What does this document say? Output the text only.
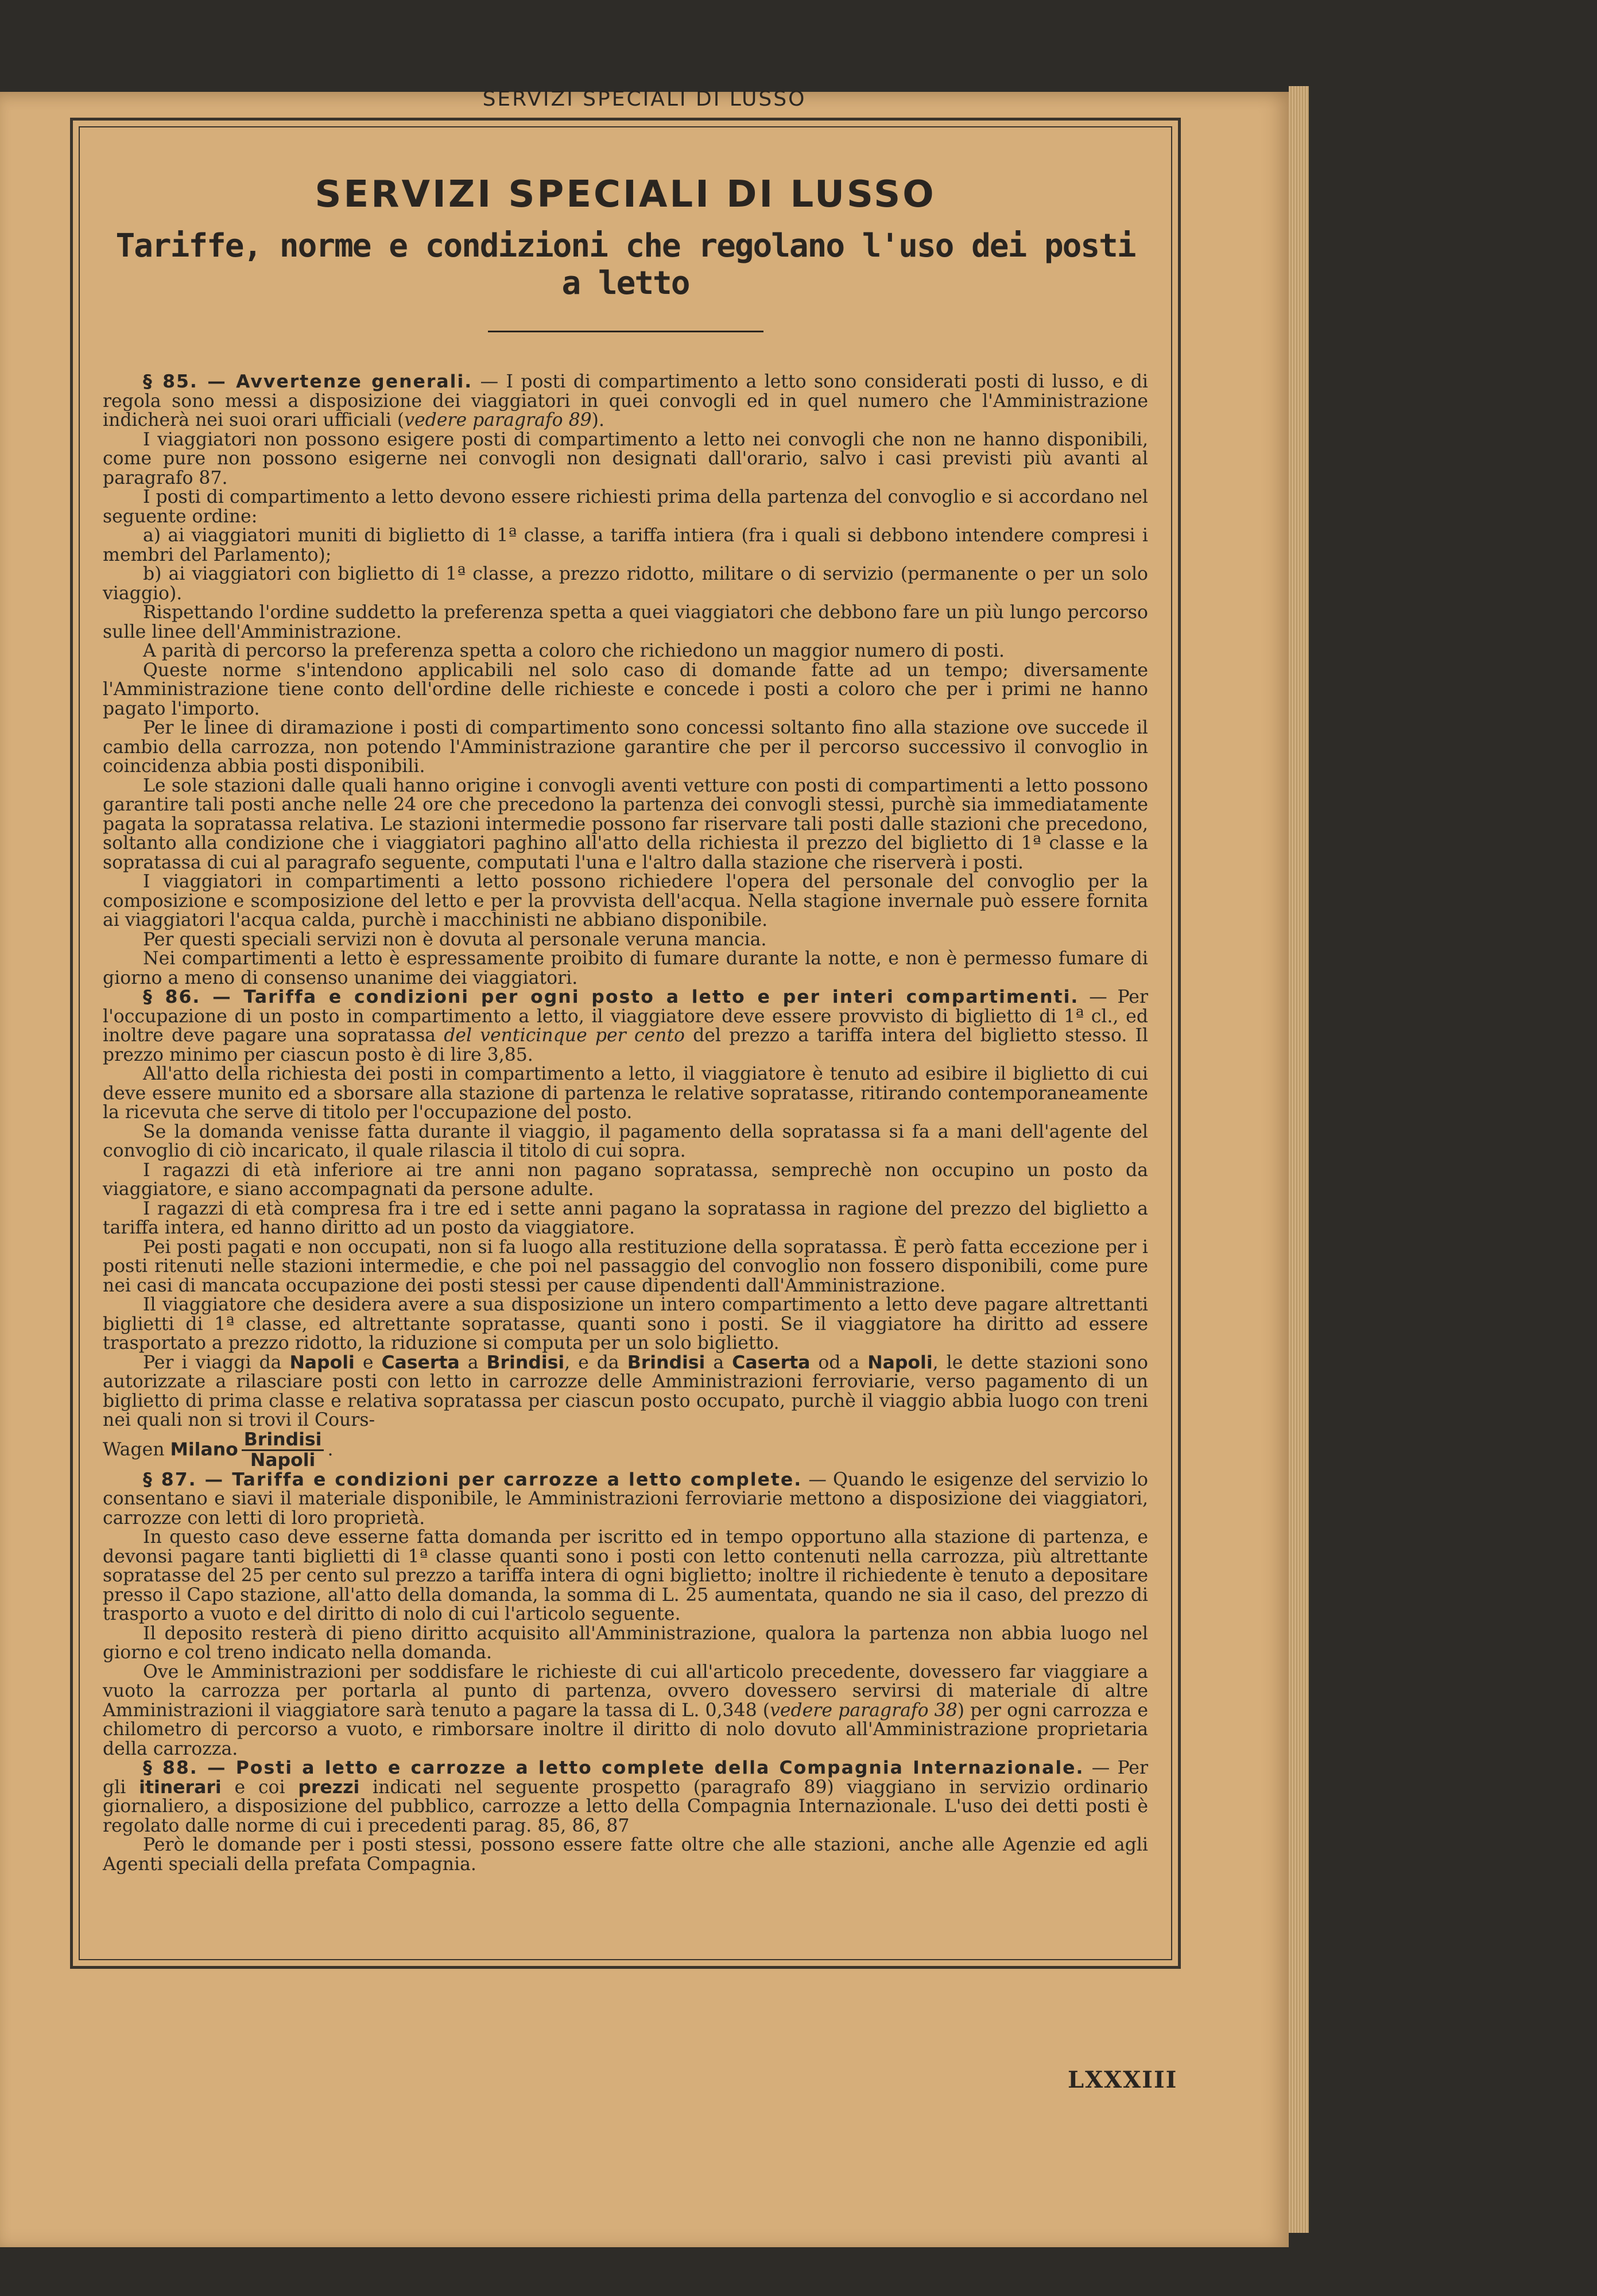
SERVIZI SPECIALI DI LUSSO
SERVIZI SPECIALI DI LUSSO
Tariffe, norme e condizioni che regolano l'uso dei posti a letto

§ 85. — Avvertenze generali. — I posti di compartimento a letto sono considerati posti di lusso, e di regola sono messi a disposizione dei viaggiatori in quei convogli ed in quel numero che l'Amministrazione indicherà nei suoi orari ufficiali (vedere paragrafo 89).

I viaggiatori non possono esigere posti di compartimento a letto nei convogli che non ne hanno disponibili, come pure non possono esigerne nei convogli non designati dall'orario, salvo i casi previsti più avanti al paragrafo 87.

I posti di compartimento a letto devono essere richiesti prima della partenza del convoglio e si accordano nel seguente ordine:

a) ai viaggiatori muniti di biglietto di 1ª classe, a tariffa intiera (fra i quali si debbono intendere compresi i membri del Parlamento);

b) ai viaggiatori con biglietto di 1ª classe, a prezzo ridotto, militare o di servizio (permanente o per un solo viaggio).

Rispettando l'ordine suddetto la preferenza spetta a quei viaggiatori che debbono fare un più lungo percorso sulle linee dell'Amministrazione.

A parità di percorso la preferenza spetta a coloro che richiedono un maggior numero di posti.

Queste norme s'intendono applicabili nel solo caso di domande fatte ad un tempo; diversamente l'Amministrazione tiene conto dell'ordine delle richieste e concede i posti a coloro che per i primi ne hanno pagato l'importo.

Per le linee di diramazione i posti di compartimento sono concessi soltanto fino alla stazione ove succede il cambio della carrozza, non potendo l'Amministrazione garantire che per il percorso successivo il convoglio in coincidenza abbia posti disponibili.

Le sole stazioni dalle quali hanno origine i convogli aventi vetture con posti di compartimenti a letto possono garantire tali posti anche nelle 24 ore che precedono la partenza dei convogli stessi, purchè sia immediatamente pagata la sopratassa relativa. Le stazioni intermedie possono far riservare tali posti dalle stazioni che precedono, soltanto alla condizione che i viaggiatori paghino all'atto della richiesta il prezzo del biglietto di 1ª classe e la sopratassa di cui al paragrafo seguente, computati l'una e l'altro dalla stazione che riserverà i posti.

I viaggiatori in compartimenti a letto possono richiedere l'opera del personale del convoglio per la composizione e scomposizione del letto e per la provvista dell'acqua. Nella stagione invernale può essere fornita ai viaggiatori l'acqua calda, purchè i macchinisti ne abbiano disponibile.

Per questi speciali servizi non è dovuta al personale veruna mancia.

Nei compartimenti a letto è espressamente proibito di fumare durante la notte, e non è permesso fumare di giorno a meno di consenso unanime dei viaggiatori.

§ 86. — Tariffa e condizioni per ogni posto a letto e per interi compartimenti. — Per l'occupazione di un posto in compartimento a letto, il viaggiatore deve essere provvisto di biglietto di 1ª cl., ed inoltre deve pagare una sopratassa del venticinque per cento del prezzo a tariffa intera del biglietto stesso. Il prezzo minimo per ciascun posto è di lire 3,85.

All'atto della richiesta dei posti in compartimento a letto, il viaggiatore è tenuto ad esibire il biglietto di cui deve essere munito ed a sborsare alla stazione di partenza le relative sopratasse, ritirando contemporaneamente la ricevuta che serve di titolo per l'occupazione del posto.

Se la domanda venisse fatta durante il viaggio, il pagamento della sopratassa si fa a mani dell'agente del convoglio di ciò incaricato, il quale rilascia il titolo di cui sopra.

I ragazzi di età inferiore ai tre anni non pagano sopratassa, semprechè non occupino un posto da viaggiatore, e siano accompagnati da persone adulte.

I ragazzi di età compresa fra i tre ed i sette anni pagano la sopratassa in ragione del prezzo del biglietto a tariffa intera, ed hanno diritto ad un posto da viaggiatore.

Pei posti pagati e non occupati, non si fa luogo alla restituzione della sopratassa. È però fatta eccezione per i posti ritenuti nelle stazioni intermedie, e che poi nel passaggio del convoglio non fossero disponibili, come pure nei casi di mancata occupazione dei posti stessi per cause dipendenti dall'Amministrazione.

Il viaggiatore che desidera avere a sua disposizione un intero compartimento a letto deve pagare altrettanti biglietti di 1ª classe, ed altrettante sopratasse, quanti sono i posti. Se il viaggiatore ha diritto ad essere trasportato a prezzo ridotto, la riduzione si computa per un solo biglietto.

Per i viaggi da Napoli e Caserta a Brindisi, e da Brindisi a Caserta od a Napoli, le dette stazioni sono autorizzate a rilasciare posti con letto in carrozze delle Amministrazioni ferroviarie, verso pagamento di un biglietto di prima classe e relativa sopratassa per ciascun posto occupato, purchè il viaggio abbia luogo con treni nei quali non si trovi il Cours-

Wagen Milano $\frac{\text{Brindisi}}{\text{Napoli}}$ .

§ 87. — Tariffa e condizioni per carrozze a letto complete. — Quando le esigenze del servizio lo consentano e siavi il materiale disponibile, le Amministrazioni ferroviarie mettono a disposizione dei viaggiatori, carrozze con letti di loro proprietà.

In questo caso deve esserne fatta domanda per iscritto ed in tempo opportuno alla stazione di partenza, e devonsi pagare tanti biglietti di 1ª classe quanti sono i posti con letto contenuti nella carrozza, più altrettante sopratasse del 25 per cento sul prezzo a tariffa intera di ogni biglietto; inoltre il richiedente è tenuto a depositare presso il Capo stazione, all'atto della domanda, la somma di L. 25 aumentata, quando ne sia il caso, del prezzo di trasporto a vuoto e del diritto di nolo di cui l'articolo seguente.

Il deposito resterà di pieno diritto acquisito all'Amministrazione, qualora la partenza non abbia luogo nel giorno e col treno indicato nella domanda.

Ove le Amministrazioni per soddisfare le richieste di cui all'articolo precedente, dovessero far viaggiare a vuoto la carrozza per portarla al punto di partenza, ovvero dovessero servirsi di materiale di altre Amministrazioni il viaggiatore sarà tenuto a pagare la tassa di L. 0,348 (vedere paragrafo 38) per ogni carrozza e chilometro di percorso a vuoto, e rimborsare inoltre il diritto di nolo dovuto all'Amministrazione proprietaria della carrozza.

§ 88. — Posti a letto e carrozze a letto complete della Compagnia Internazionale. — Per gli itinerari e coi prezzi indicati nel seguente prospetto (paragrafo 89) viaggiano in servizio ordinario giornaliero, a disposizione del pubblico, carrozze a letto della Compagnia Internazionale. L'uso dei detti posti è regolato dalle norme di cui i precedenti parag. 85, 86, 87

Però le domande per i posti stessi, possono essere fatte oltre che alle stazioni, anche alle Agenzie ed agli Agenti speciali della prefata Compagnia.

LXXXIII
